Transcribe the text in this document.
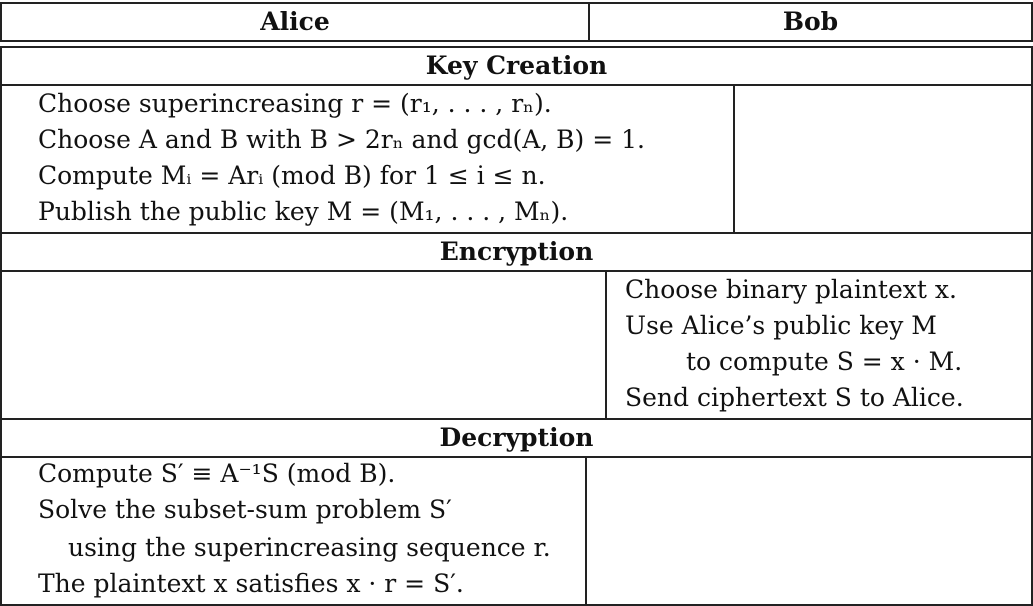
Alice	Bob
Key Creation
Choose superincreasing r = (r₁, . . . , rₙ).
Choose A and B with B > 2rₙ and gcd(A, B) = 1.
Compute Mᵢ = Arᵢ (mod B) for 1 ≤ i ≤ n.
Publish the public key M = (M₁, . . . , Mₙ).
Encryption
Choose binary plaintext x.
Use Alice’s public key M
to compute S = x · M.
Send ciphertext S to Alice.
Decryption
Compute S′ ≡ A⁻¹S (mod B).
Solve the subset-sum problem S′
using the superincreasing sequence r.
The plaintext x satisfies x · r = S′.
